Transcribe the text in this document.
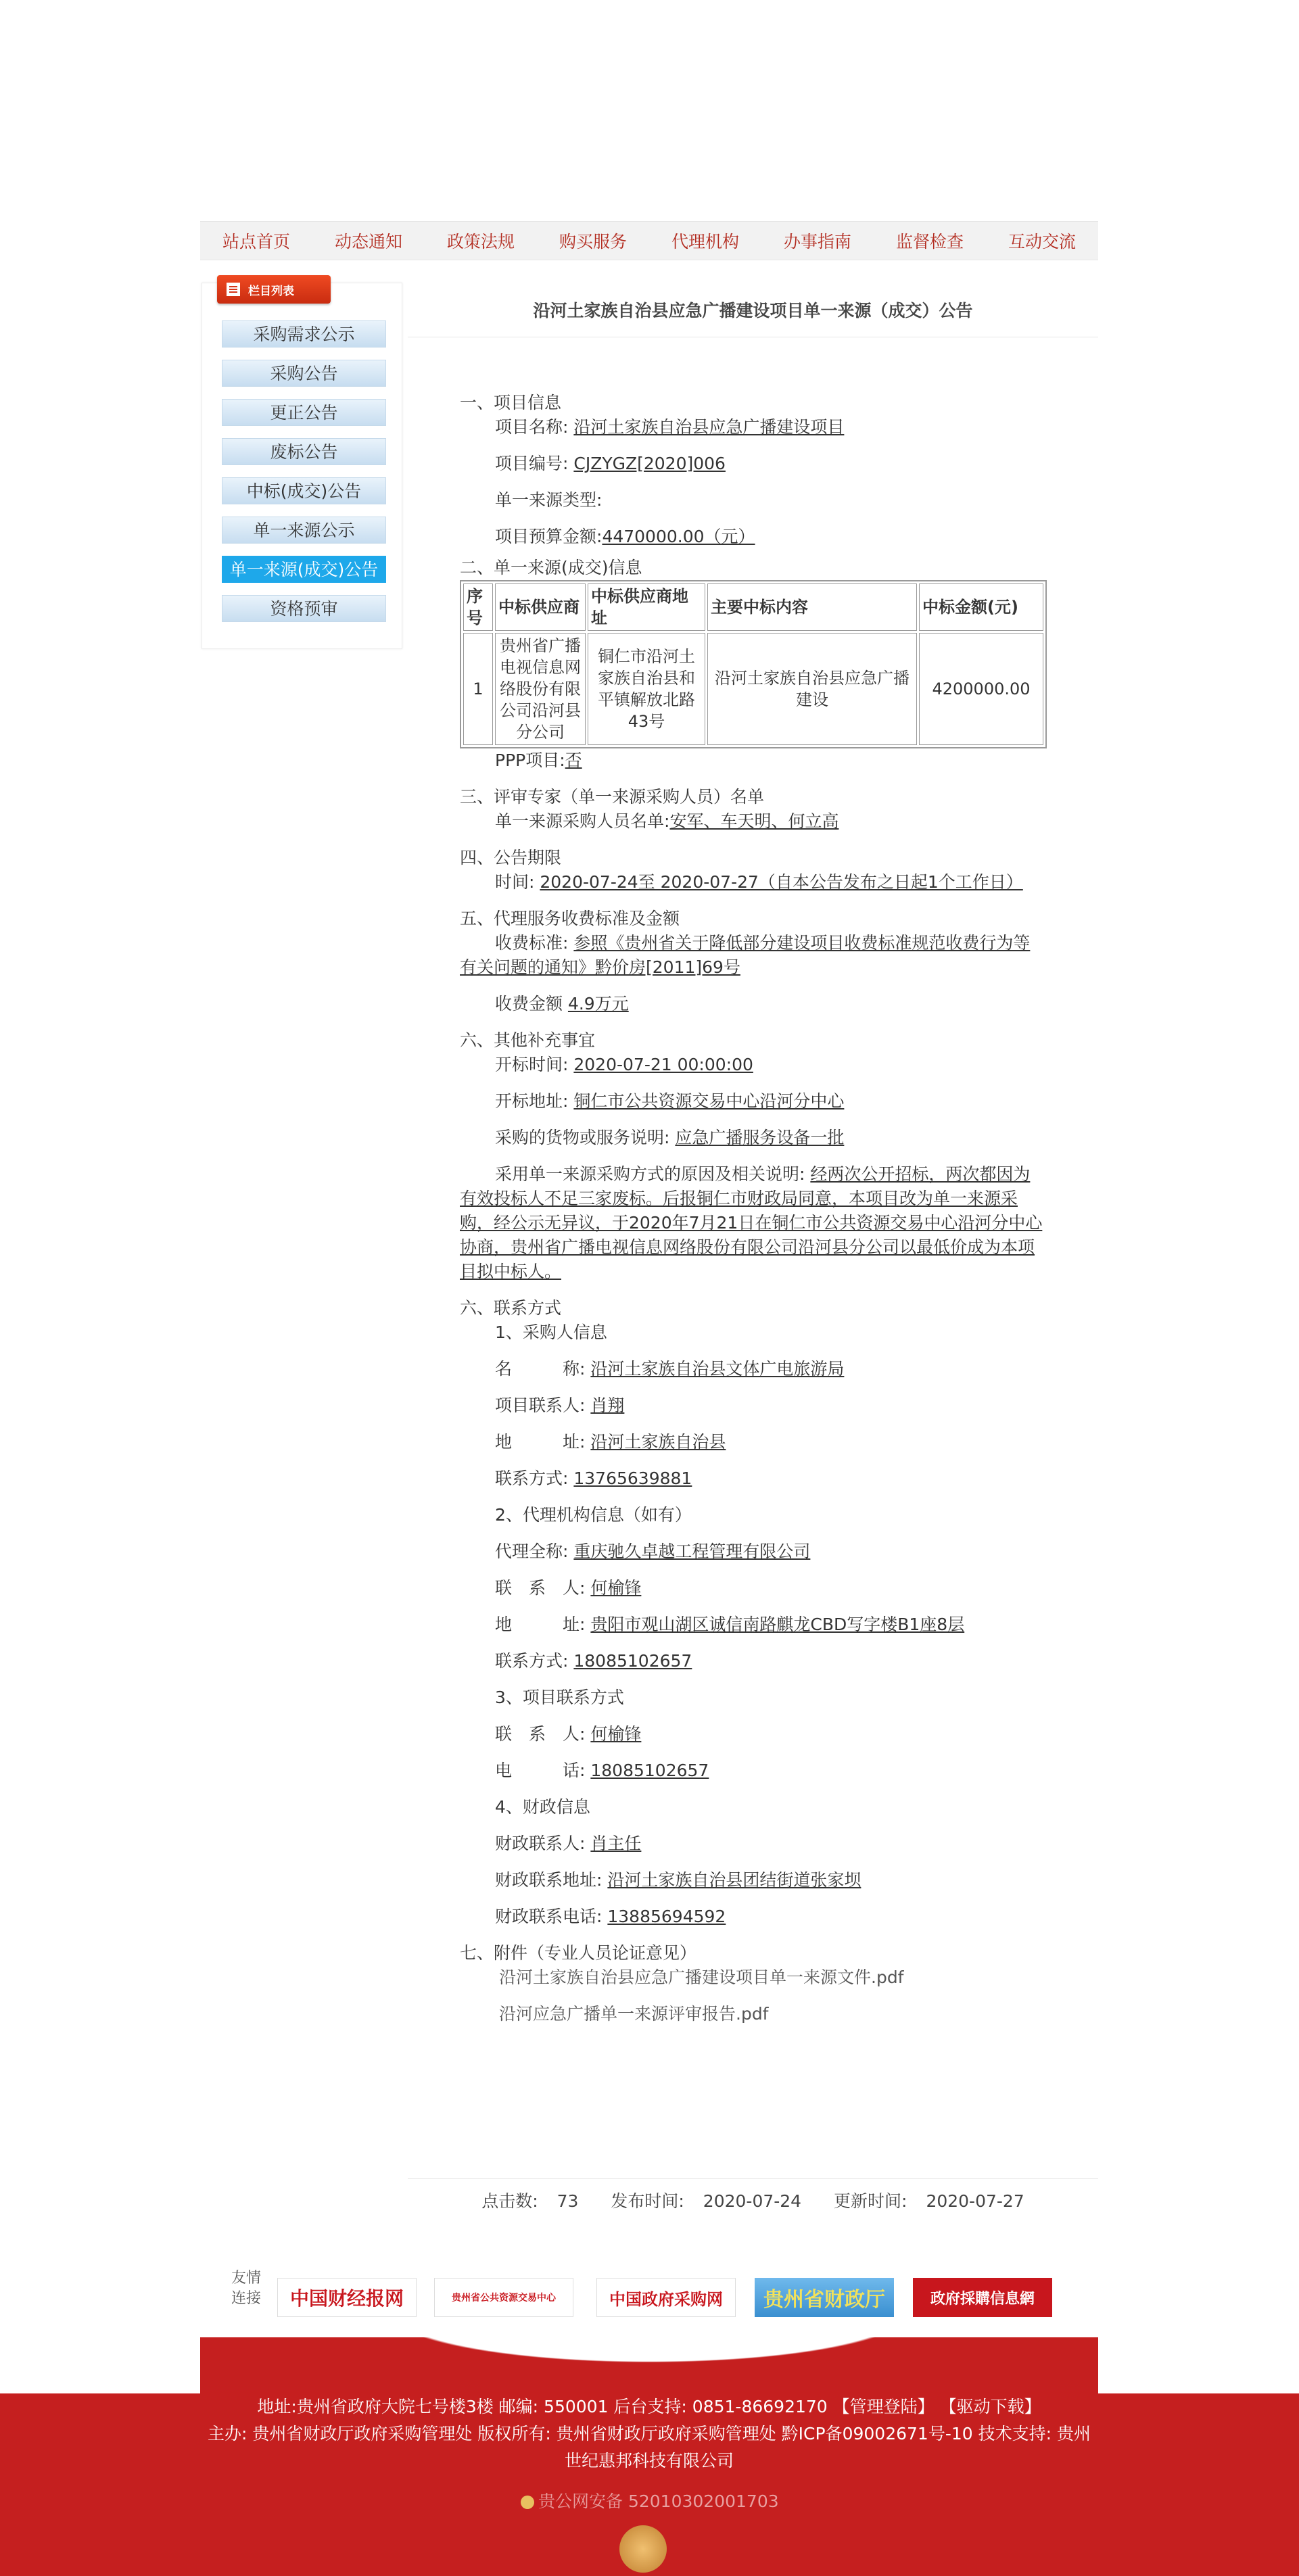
站点首页	动态通知	政策法规	购买服务	代理机构	办事指南	监督检查	互动交流
栏目列表
采购需求公示
采购公告
更正公告
废标公告
中标(成交)公告
单一来源公示
单一来源(成交)公告
资格预审
沿河土家族自治县应急广播建设项目单一来源（成交）公告
一、项目信息
项目名称: 沿河土家族自治县应急广播建设项目
项目编号: CJZYGZ[2020]006
单一来源类型:
项目预算金额:4470000.00（元）
二、单一来源(成交)信息
序号	中标供应商	中标供应商地址	主要中标内容	中标金额(元)
1	贵州省广播电视信息网络股份有限公司沿河县分公司	铜仁市沿河土家族自治县和平镇解放北路43号	沿河土家族自治县应急广播建设	4200000.00
PPP项目:否
三、评审专家（单一来源采购人员）名单
单一来源采购人员名单:安军、车天明、何立高
四、公告期限
时间: 2020-07-24至 2020-07-27（自本公告发布之日起1个工作日）
五、代理服务收费标准及金额
收费标准: 参照《贵州省关于降低部分建设项目收费标准规范收费行为等有关问题的通知》黔价房[2011]69号
收费金额 4.9万元
六、其他补充事宜
开标时间: 2020-07-21 00:00:00
开标地址: 铜仁市公共资源交易中心沿河分中心
采购的货物或服务说明: 应急广播服务设备一批
采用单一来源采购方式的原因及相关说明: 经两次公开招标，两次都因为有效投标人不足三家废标。后报铜仁市财政局同意，本项目改为单一来源采购，经公示无异议，于2020年7月21日在铜仁市公共资源交易中心沿河分中心协商，贵州省广播电视信息网络股份有限公司沿河县分公司以最低价成为本项目拟中标人。
六、联系方式
1、采购人信息
名　　　称: 沿河土家族自治县文体广电旅游局
项目联系人: 肖翔
地　　　址: 沿河土家族自治县
联系方式: 13765639881
2、代理机构信息（如有）
代理全称: 重庆驰久卓越工程管理有限公司
联　系　人: 何榆锋
地　　　址: 贵阳市观山湖区诚信南路麒龙CBD写字楼B1座8层
联系方式: 18085102657
3、项目联系方式
联　系　人: 何榆锋
电　　　话: 18085102657
4、财政信息
财政联系人: 肖主任
财政联系地址: 沿河土家族自治县团结街道张家坝
财政联系电话: 13885694592
七、附件（专业人员论证意见）
沿河土家族自治县应急广播建设项目单一来源文件.pdf
沿河应急广播单一来源评审报告.pdf
点击数: 73 发布时间: 2020-07-24 更新时间: 2020-07-27
友情连接	中国财经报网	贵州省公共资源交易中心	中国政府采购网	贵州省财政厅	政府採購信息網
地址:贵州省政府大院七号楼3楼 邮编: 550001 后台支持: 0851-86692170 【管理登陆】 【驱动下载】
主办: 贵州省财政厅政府采购管理处 版权所有: 贵州省财政厅政府采购管理处 黔ICP备09002671号-10 技术支持: 贵州世纪惠邦科技有限公司
贵公网安备 52010302001703
